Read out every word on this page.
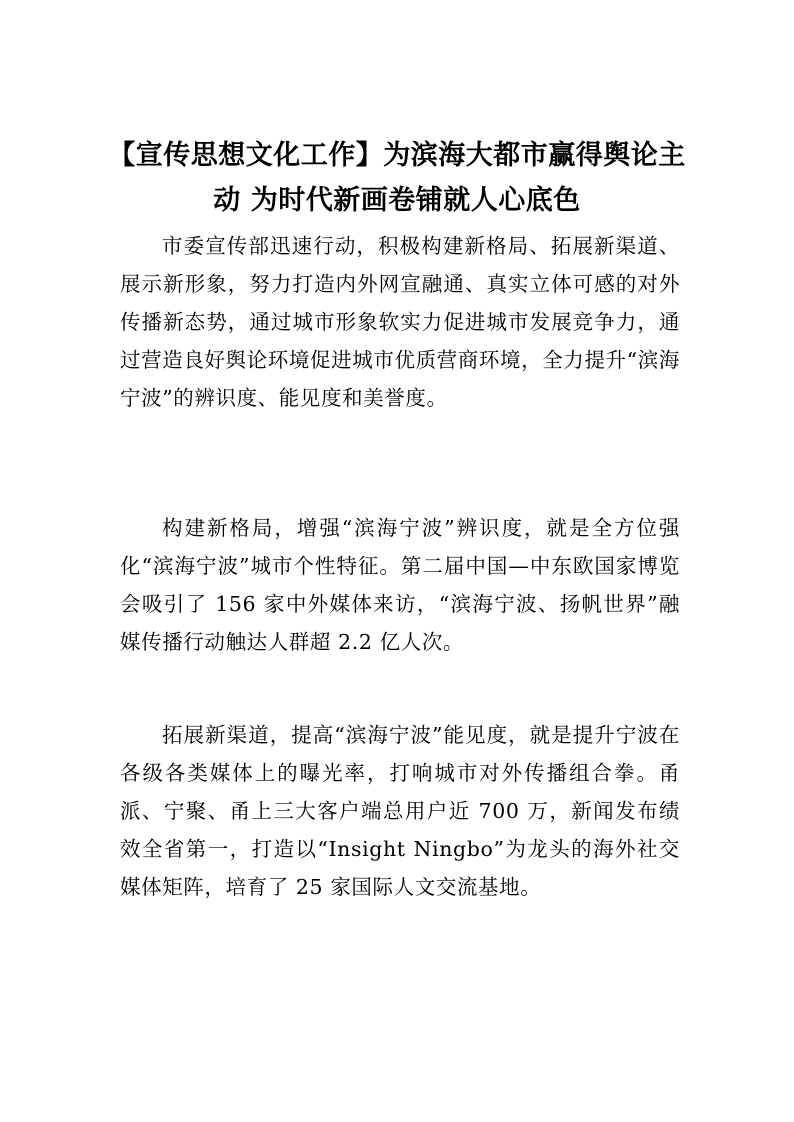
【宣传思想文化工作】为滨海大都市赢得舆论主动 为时代新画卷铺就人心底色

市委宣传部迅速行动，积极构建新格局、拓展新渠道、展示新形象，努力打造内外网宣融通、真实立体可感的对外传播新态势，通过城市形象软实力促进城市发展竞争力，通过营造良好舆论环境促进城市优质营商环境，全力提升“滨海宁波”的辨识度、能见度和美誉度。

构建新格局，增强“滨海宁波”辨识度，就是全方位强化“滨海宁波”城市个性特征。第二届中国—中东欧国家博览会吸引了 156 家中外媒体来访，“滨海宁波、扬帆世界”融媒传播行动触达人群超 2.2 亿人次。

拓展新渠道，提高“滨海宁波”能见度，就是提升宁波在各级各类媒体上的曝光率，打响城市对外传播组合拳。甬派、宁聚、甬上三大客户端总用户近 700 万，新闻发布绩效全省第一，打造以“Insight Ningbo”为龙头的海外社交媒体矩阵，培育了 25 家国际人文交流基地。
